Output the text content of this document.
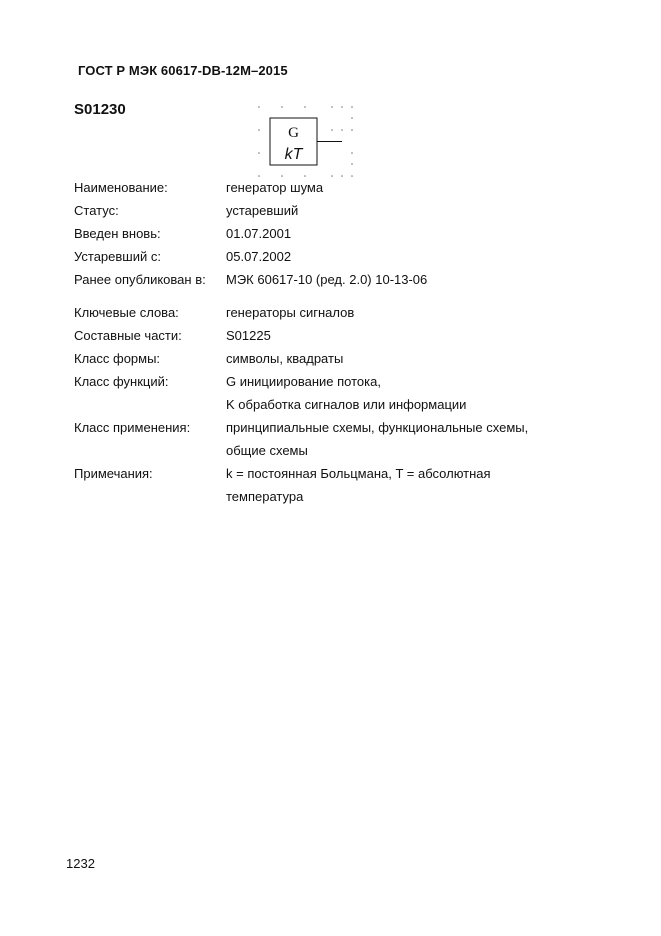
ГОСТ Р МЭК 60617-DB-12M–2015
S01230
G
kT
Наименование:	генератор шума
Статус:	устаревший
Введен вновь:	01.07.2001
Устаревший с:	05.07.2002
Ранее опубликован в: МЭК 60617-10 (ред. 2.0) 10-13-06
Ключевые слова:	генераторы сигналов
Составные части:	S01225
Класс формы:	символы, квадраты
Класс функций:	G инициирование потока,
K обработка сигналов или информации
Класс применения:	принципиальные схемы, функциональные схемы,
общие схемы
Примечания:	k = постоянная Больцмана, T = абсолютная
температура
1232
